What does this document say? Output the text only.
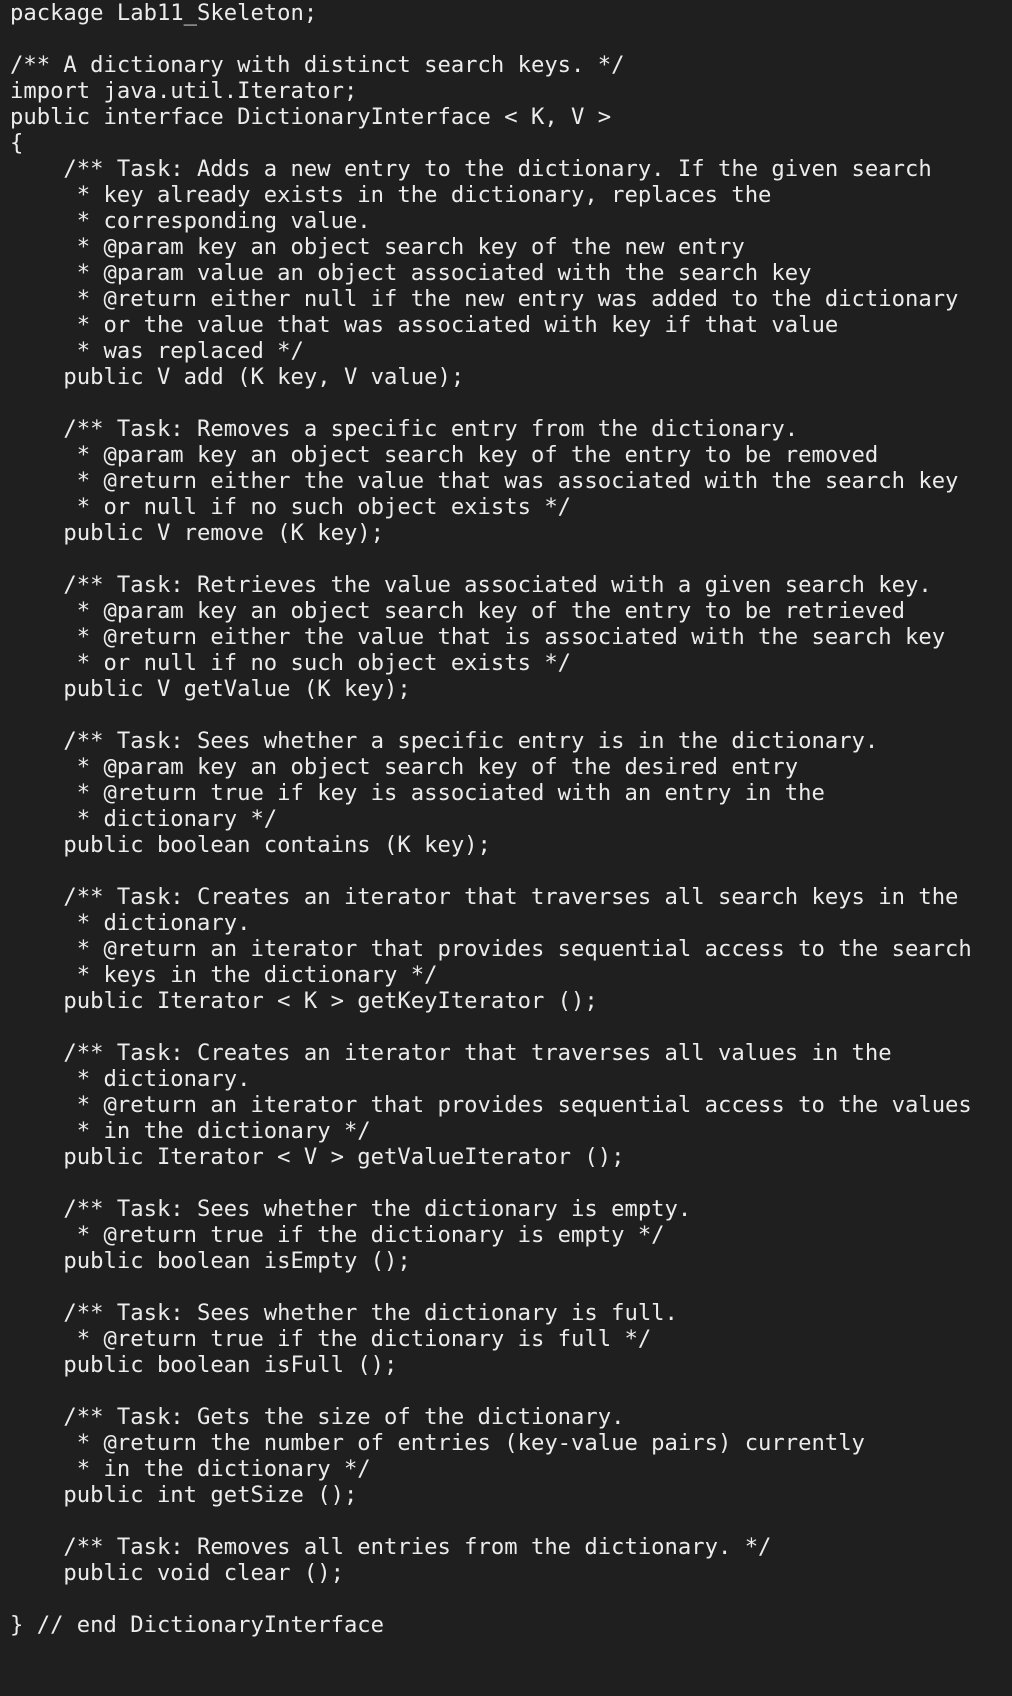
package Lab11_Skeleton;
/** A dictionary with distinct search keys. */
import java.util.Iterator;
public interface DictionaryInterface < K, V >
{
/** Task: Adds a new entry to the dictionary. If the given search
* key already exists in the dictionary, replaces the
* corresponding value.
* @param key an object search key of the new entry
* @param value an object associated with the search key
* @return either null if the new entry was added to the dictionary
* or the value that was associated with key if that value
* was replaced */
public V add (K key, V value);
/** Task: Removes a specific entry from the dictionary.
* @param key an object search key of the entry to be removed
* @return either the value that was associated with the search key
* or null if no such object exists */
public V remove (K key);
/** Task: Retrieves the value associated with a given search key.
* @param key an object search key of the entry to be retrieved
* @return either the value that is associated with the search key
* or null if no such object exists */
public V getValue (K key);
/** Task: Sees whether a specific entry is in the dictionary.
* @param key an object search key of the desired entry
* @return true if key is associated with an entry in the
* dictionary */
public boolean contains (K key);
/** Task: Creates an iterator that traverses all search keys in the
* dictionary.
* @return an iterator that provides sequential access to the search
* keys in the dictionary */
public Iterator < K > getKeyIterator ();
/** Task: Creates an iterator that traverses all values in the
* dictionary.
* @return an iterator that provides sequential access to the values
* in the dictionary */
public Iterator < V > getValueIterator ();
/** Task: Sees whether the dictionary is empty.
* @return true if the dictionary is empty */
public boolean isEmpty ();
/** Task: Sees whether the dictionary is full.
* @return true if the dictionary is full */
public boolean isFull ();
/** Task: Gets the size of the dictionary.
* @return the number of entries (key-value pairs) currently
* in the dictionary */
public int getSize ();
/** Task: Removes all entries from the dictionary. */
public void clear ();
} // end DictionaryInterface
